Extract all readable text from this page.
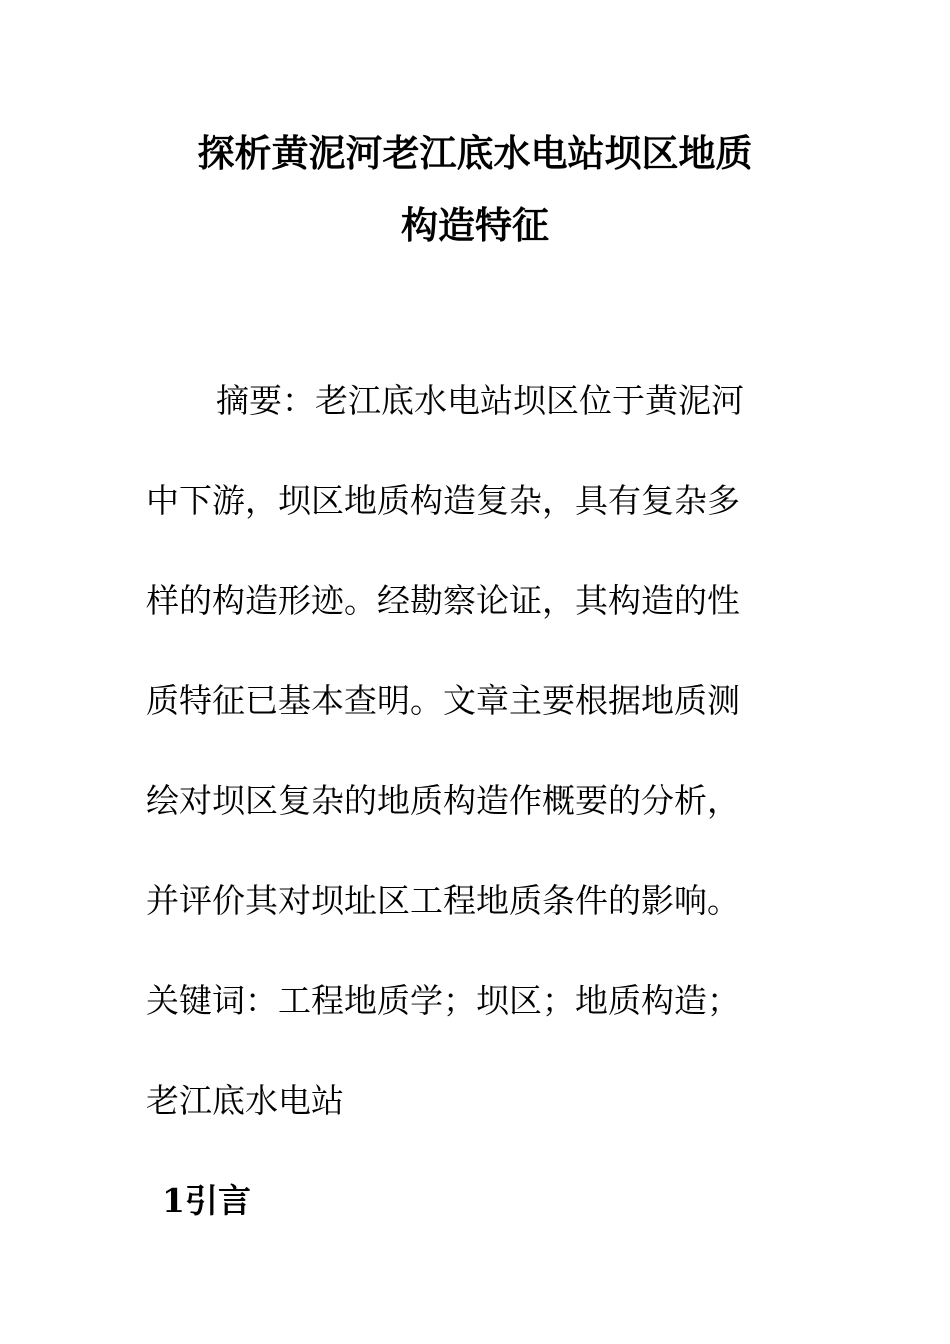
探析黄泥河老江底水电站坝区地质
构造特征

摘要：老江底水电站坝区位于黄泥河

中下游，坝区地质构造复杂，具有复杂多

样的构造形迹。经勘察论证，其构造的性

质特征已基本查明。文章主要根据地质测

绘对坝区复杂的地质构造作概要的分析，

并评价其对坝址区工程地质条件的影响。

关键词：工程地质学；坝区；地质构造；

老江底水电站

1引言
